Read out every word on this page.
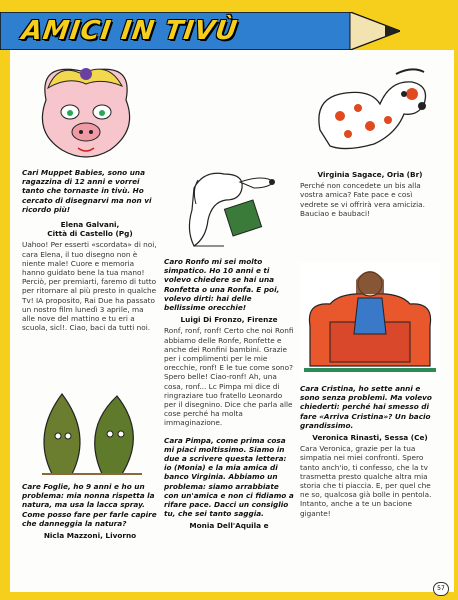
AMICI IN TIVÙ
Cari Muppet Babies, sono una ragazzina di 12 anni e vorrei tanto che tornaste in tivù. Ho cercato di disegnarvi ma non vi ricordo più!
Elena Galvani,
Città di Castello (Pg)
Uahoo! Per esserti «scordata» di noi, cara Elena, il tuo disegno non è niente male! Cuore e memoria hanno guidato bene la tua mano! Perciò, per premiarti, faremo di tutto per ritornare al più presto in qualche Tv! IA proposito, Rai Due ha passato un nostro film lunedì 3 aprile, ma alle nove del mattino e tu eri a scuola, sicl!. Ciao, baci da tutti noi.
Care Foglie, ho 9 anni e ho un problema: mia nonna rispetta la natura, ma usa la lacca spray. Come posso fare per farle capire che danneggia la natura?
Nicla Mazzoni, Livorno
Caro Ronfo mi sei molto simpatico. Ho 10 anni e ti volevo chiedere se hai una Ronfetta o una Ronfa. E poi, volevo dirti: hai delle bellissime orecchie!
Luigi Di Fronzo, Firenze
Ronf, ronf, ronf! Certo che noi Ronfi abbiamo delle Ronfe, Ronfette e anche dei Ronfini bambini. Grazie per i complimenti per le mie orecchie, ronf! E le tue come sono? Spero belle! Ciao-ronf! Ah, una cosa, ronf... Lc Pimpa mi dice di ringraziare tuo fratello Leonardo per il disegnino. Dice che parla alle cose perché ha molta immaginazione.
Cara Pimpa, come prima cosa mi piaci moltissimo. Siamo in due a scrivere questa lettera: io (Monia) e la mia amica di banco Virginia. Abbiamo un problema: siamo arrabbiate con un'amica e non ci fidiamo a rifare pace. Dacci un consiglio tu, che sei tanto saggia.
Monia Dell'Aquila e
Virginia Sagace, Oria (Br)
Perché non concedete un bis alla vostra amica? Fate pace e così vedrete se vi offrirà vera amicizia. Bauciao e baubaci!
Cara Cristina, ho sette anni e sono senza problemi. Ma volevo chiederti: perché hai smesso di fare «Arriva Cristina»? Un bacio grandissimo.
Veronica Rinasti, Sessa (Ce)
Cara Veronica, grazie per la tua simpatia nei miei confronti. Spero tanto anch'io, ti confesso, che la tv trasmetta presto qualche altra mia storia che ti piaccia. E, per quel che ne so, qualcosa già bolle in pentola. Intanto, anche a te un bacione gigante!
57
